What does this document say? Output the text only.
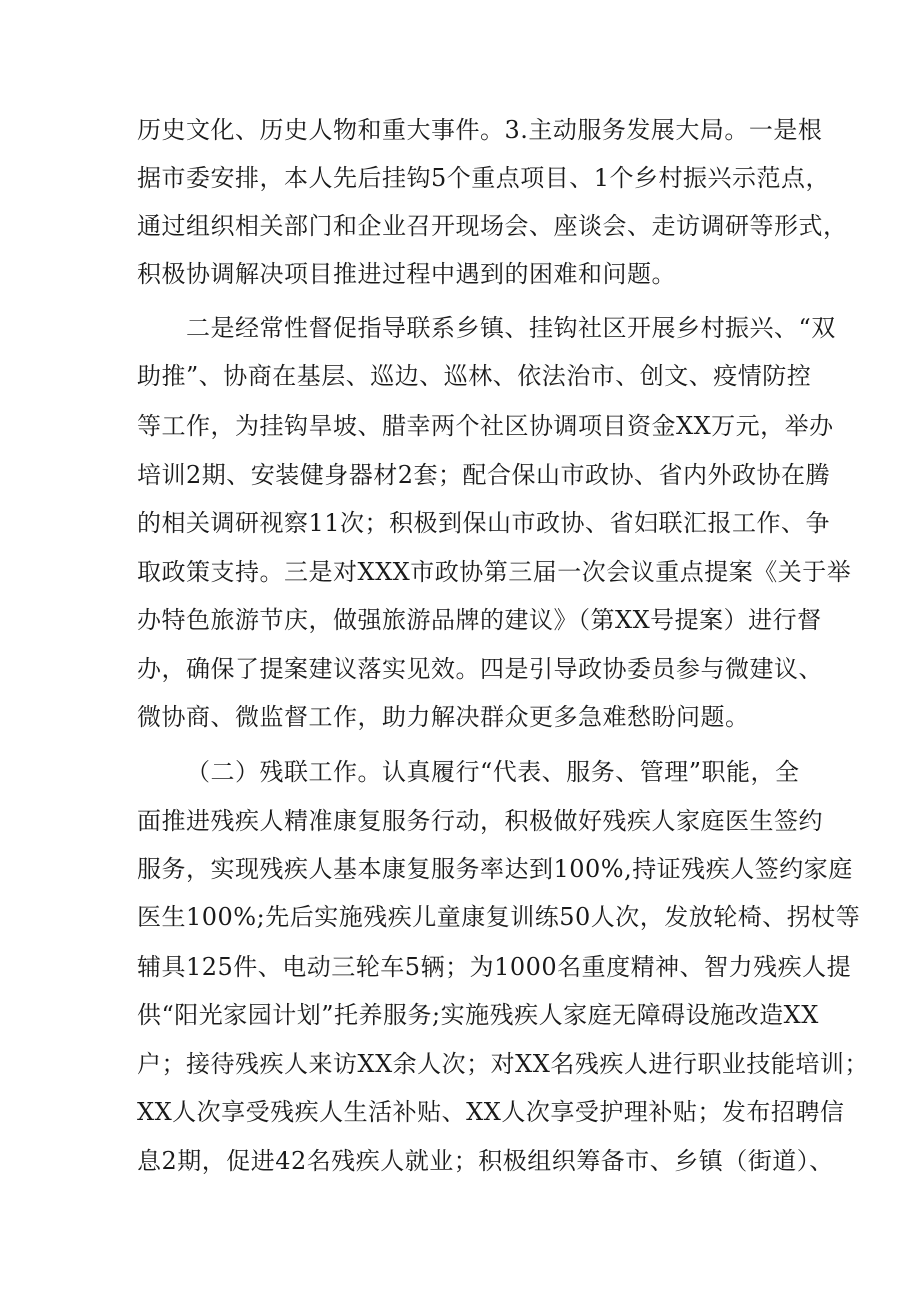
历史文化、历史人物和重大事件。3.主动服务发展大局。一是根
据市委安排，本人先后挂钩5个重点项目、1个乡村振兴示范点，
通过组织相关部门和企业召开现场会、座谈会、走访调研等形式，
积极协调解决项目推进过程中遇到的困难和问题。
二是经常性督促指导联系乡镇、挂钩社区开展乡村振兴、“双
助推”、协商在基层、巡边、巡林、依法治市、创文、疫情防控
等工作，为挂钩旱坡、腊幸两个社区协调项目资金XX万元，举办
培训2期、安装健身器材2套；配合保山市政协、省内外政协在腾
的相关调研视察11次；积极到保山市政协、省妇联汇报工作、争
取政策支持。三是对XXX市政协第三届一次会议重点提案《关于举
办特色旅游节庆，做强旅游品牌的建议》（第XX号提案）进行督
办，确保了提案建议落实见效。四是引导政协委员参与微建议、
微协商、微监督工作，助力解决群众更多急难愁盼问题。
（二）残联工作。认真履行“代表、服务、管理”职能，全
面推进残疾人精准康复服务行动，积极做好残疾人家庭医生签约
服务，实现残疾人基本康复服务率达到100%,持证残疾人签约家庭
医生100%;先后实施残疾儿童康复训练50人次，发放轮椅、拐杖等
辅具125件、电动三轮车5辆；为1000名重度精神、智力残疾人提
供“阳光家园计划”托养服务;实施残疾人家庭无障碍设施改造XX
户；接待残疾人来访XX余人次；对XX名残疾人进行职业技能培训；
XX人次享受残疾人生活补贴、XX人次享受护理补贴；发布招聘信
息2期，促进42名残疾人就业；积极组织筹备市、乡镇（街道）、
